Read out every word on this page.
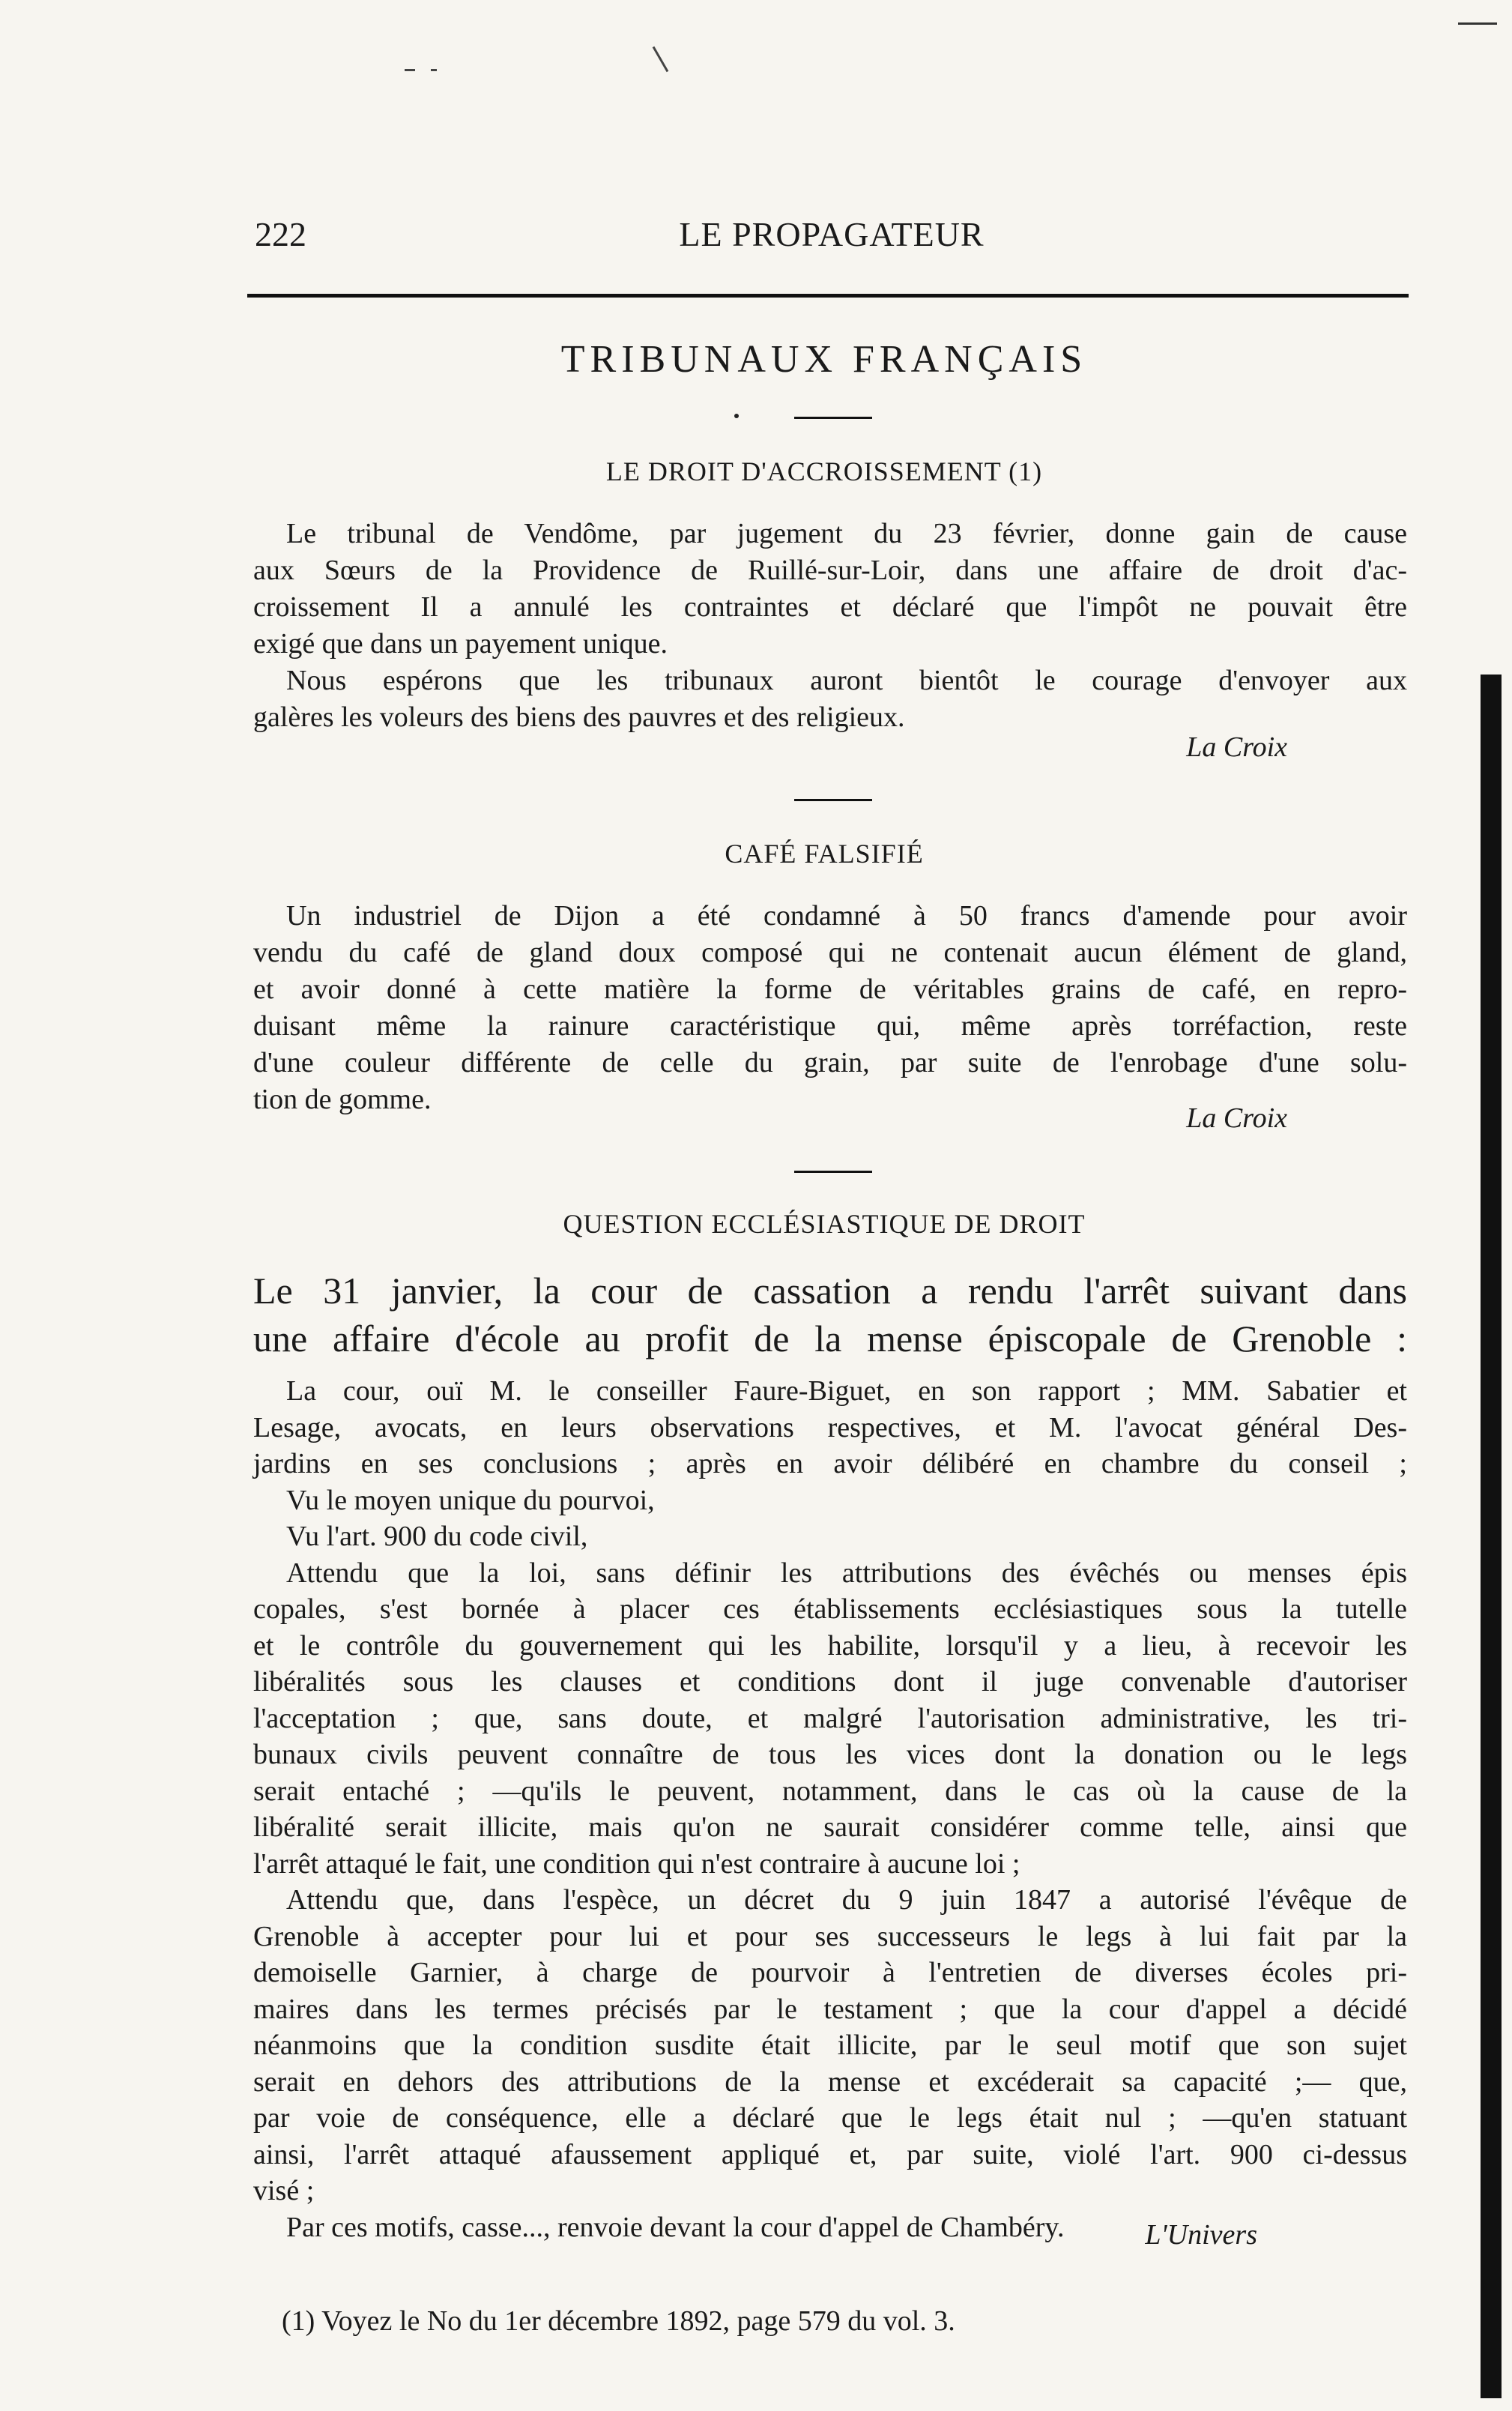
222	LE PROPAGATEUR
TRIBUNAUX FRANÇAIS
LE DROIT D'ACCROISSEMENT (1)

Le tribunal de Vendôme, par jugement du 23 février, donne gain de cause
aux Sœurs de la Providence de Ruillé-sur-Loir, dans une affaire de droit d'ac-
croissement Il a annulé les contraintes et déclaré que l'impôt ne pouvait être
exigé que dans un payement unique.
Nous espérons que les tribunaux auront bientôt le courage d'envoyer aux
galères les voleurs des biens des pauvres et des religieux.

La Croix
CAFÉ FALSIFIÉ

Un industriel de Dijon a été condamné à 50 francs d'amende pour avoir
vendu du café de gland doux composé qui ne contenait aucun élément de gland,
et avoir donné à cette matière la forme de véritables grains de café, en repro-
duisant même la rainure caractéristique qui, même après torréfaction, reste
d'une couleur différente de celle du grain, par suite de l'enrobage d'une solu-
tion de gomme.

La Croix
QUESTION ECCLÉSIASTIQUE DE DROIT

Le 31 janvier, la cour de cassation a rendu l'arrêt suivant dans
une affaire d'école au profit de la mense épiscopale de Grenoble :

La cour, ouï M. le conseiller Faure-Biguet, en son rapport ; MM. Sabatier et
Lesage, avocats, en leurs observations respectives, et M. l'avocat général Des-
jardins en ses conclusions ; après en avoir délibéré en chambre du conseil ;
Vu le moyen unique du pourvoi,
Vu l'art. 900 du code civil,
Attendu que la loi, sans définir les attributions des évêchés ou menses épis
copales, s'est bornée à placer ces établissements ecclésiastiques sous la tutelle
et le contrôle du gouvernement qui les habilite, lorsqu'il y a lieu, à recevoir les
libéralités sous les clauses et conditions dont il juge convenable d'autoriser
l'acceptation ; que, sans doute, et malgré l'autorisation administrative, les tri-
bunaux civils peuvent connaître de tous les vices dont la donation ou le legs
serait entaché ; —qu'ils le peuvent, notamment, dans le cas où la cause de la
libéralité serait illicite, mais qu'on ne saurait considérer comme telle, ainsi que
l'arrêt attaqué le fait, une condition qui n'est contraire à aucune loi ;
Attendu que, dans l'espèce, un décret du 9 juin 1847 a autorisé l'évêque de
Grenoble à accepter pour lui et pour ses successeurs le legs à lui fait par la
demoiselle Garnier, à charge de pourvoir à l'entretien de diverses écoles pri-
maires dans les termes précisés par le testament ; que la cour d'appel a décidé
néanmoins que la condition susdite était illicite, par le seul motif que son sujet
serait en dehors des attributions de la mense et excéderait sa capacité ;— que,
par voie de conséquence, elle a déclaré que le legs était nul ; —qu'en statuant
ainsi, l'arrêt attaqué afaussement appliqué et, par suite, violé l'art. 900 ci-dessus
visé ;
Par ces motifs, casse..., renvoie devant la cour d'appel de Chambéry.	L'Univers
(1) Voyez le No du 1er décembre 1892, page 579 du vol. 3.
